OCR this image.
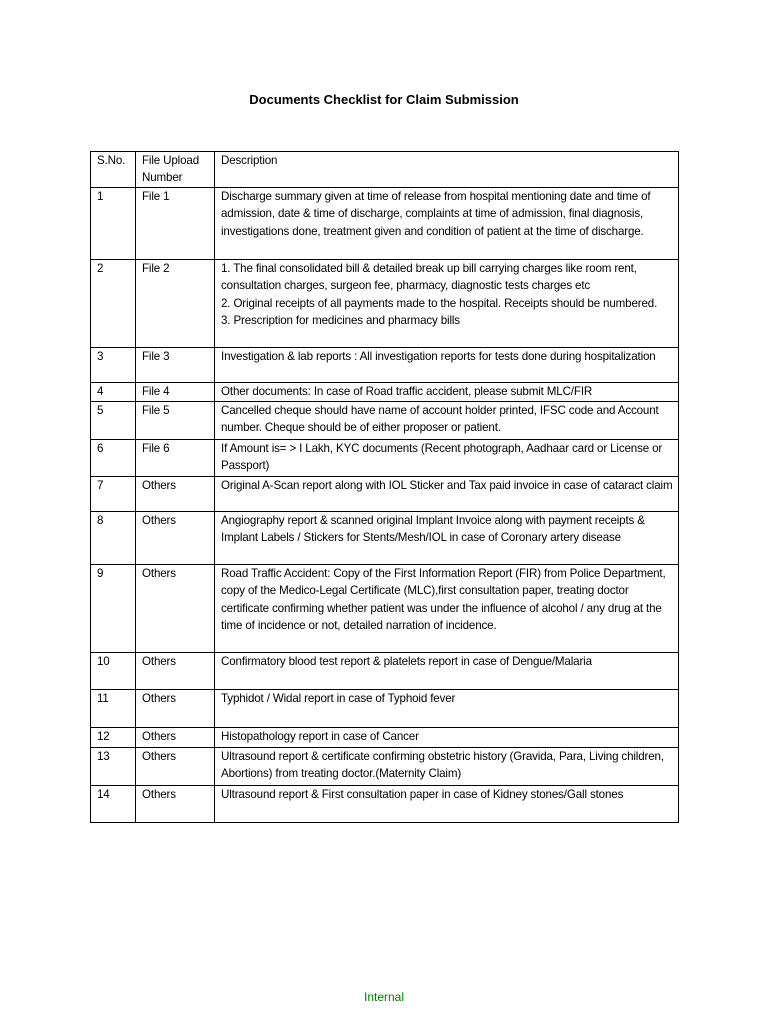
Documents Checklist for Claim Submission
S.No.	File Upload Number	Description
1	File 1	Discharge summary given at time of release from hospital mentioning date and time of admission, date & time of discharge, complaints at time of admission, final diagnosis, investigations done, treatment given and condition of patient at the time of discharge.
2	File 2	1. The final consolidated bill & detailed break up bill carrying charges like room rent, consultation charges, surgeon fee, pharmacy, diagnostic tests charges etc
2. Original receipts of all payments made to the hospital. Receipts should be numbered.
3. Prescription for medicines and pharmacy bills
3	File 3	Investigation & lab reports : All investigation reports for tests done during hospitalization
4	File 4	Other documents: In case of Road traffic accident, please submit MLC/FIR
5	File 5	Cancelled cheque should have name of account holder printed, IFSC code and Account number. Cheque should be of either proposer or patient.
6	File 6	If Amount is= > I Lakh, KYC documents (Recent photograph, Aadhaar card or License or Passport)
7	Others	Original A-Scan report along with IOL Sticker and Tax paid invoice in case of cataract claim
8	Others	Angiography report & scanned original Implant Invoice along with payment receipts & Implant Labels / Stickers for Stents/Mesh/IOL in case of Coronary artery disease
9	Others	Road Traffic Accident: Copy of the First Information Report (FIR) from Police Department, copy of the Medico-Legal Certificate (MLC),first consultation paper, treating doctor certificate confirming whether patient was under the influence of alcohol / any drug at the time of incidence or not, detailed narration of incidence.
10	Others	Confirmatory blood test report & platelets report in case of Dengue/Malaria
11	Others	Typhidot / Widal report in case of Typhoid fever
12	Others	Histopathology report in case of Cancer
13	Others	Ultrasound report & certificate confirming obstetric history (Gravida, Para, Living children, Abortions) from treating doctor.(Maternity Claim)
14	Others	Ultrasound report & First consultation paper in case of Kidney stones/Gall stones
Internal
